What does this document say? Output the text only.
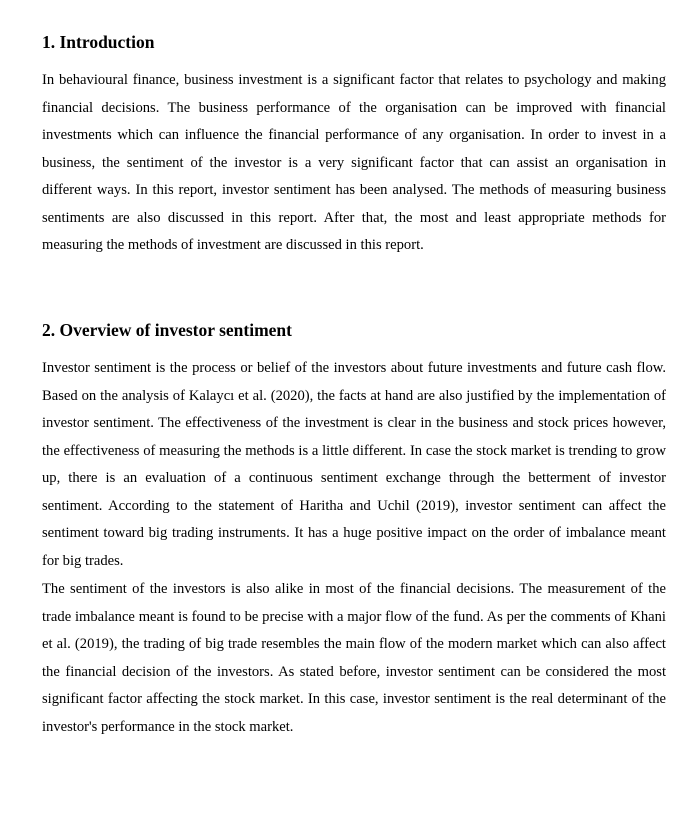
1. Introduction

In behavioural finance, business investment is a significant factor that relates to psychology and making financial decisions. The business performance of the organisation can be improved with financial investments which can influence the financial performance of any organisation. In order to invest in a business, the sentiment of the investor is a very significant factor that can assist an organisation in different ways. In this report, investor sentiment has been analysed. The methods of measuring business sentiments are also discussed in this report. After that, the most and least appropriate methods for measuring the methods of investment are discussed in this report.

2. Overview of investor sentiment

Investor sentiment is the process or belief of the investors about future investments and future cash flow. Based on the analysis of Kalaycı et al. (2020), the facts at hand are also justified by the implementation of investor sentiment. The effectiveness of the investment is clear in the business and stock prices however, the effectiveness of measuring the methods is a little different. In case the stock market is trending to grow up, there is an evaluation of a continuous sentiment exchange through the betterment of investor sentiment. According to the statement of Haritha and Uchil (2019), investor sentiment can affect the sentiment toward big trading instruments. It has a huge positive impact on the order of imbalance meant for big trades.

The sentiment of the investors is also alike in most of the financial decisions. The measurement of the trade imbalance meant is found to be precise with a major flow of the fund. As per the comments of Khani et al. (2019), the trading of big trade resembles the main flow of the modern market which can also affect the financial decision of the investors. As stated before, investor sentiment can be considered the most significant factor affecting the stock market. In this case, investor sentiment is the real determinant of the investor's performance in the stock market.
